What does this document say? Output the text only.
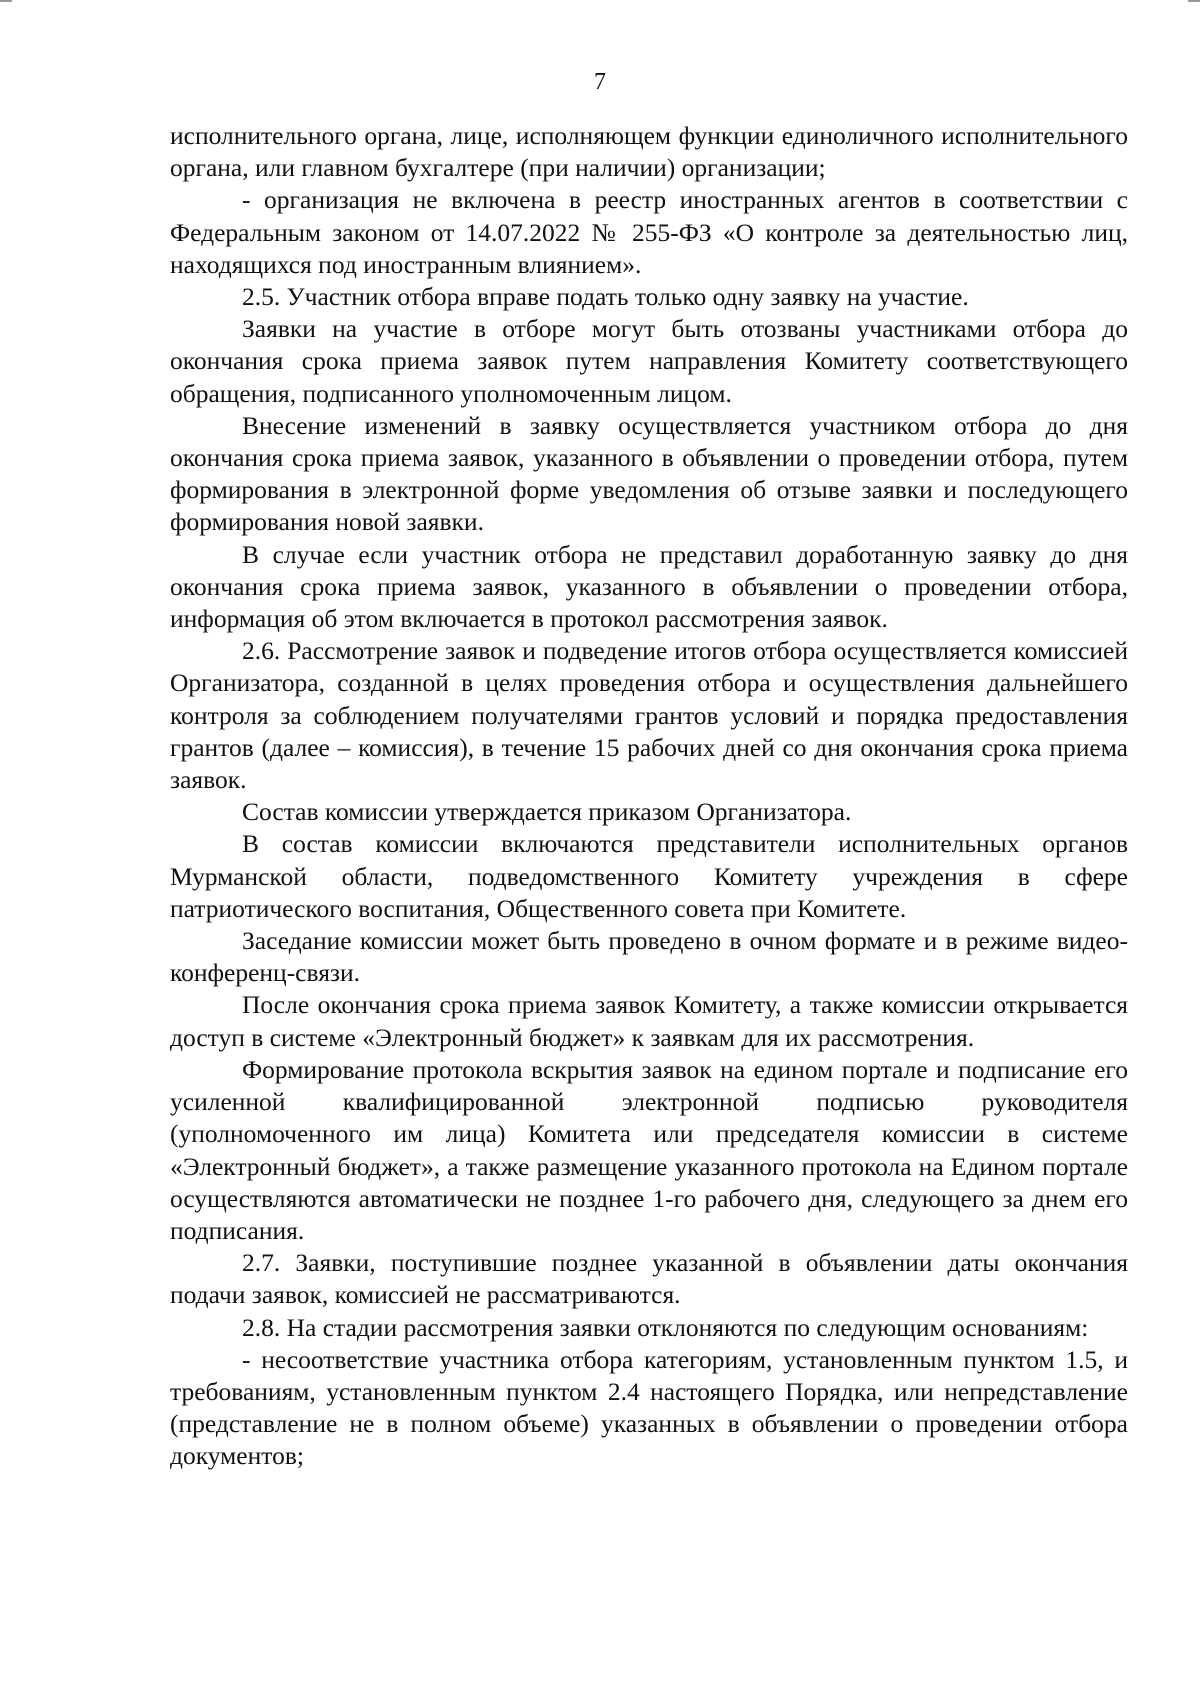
7

исполнительного органа, лице, исполняющем функции единоличного исполнительного органа, или главном бухгалтере (при наличии) организации;

- организация не включена в реестр иностранных агентов в соответствии с Федеральным законом от 14.07.2022 № 255-ФЗ «О контроле за деятельностью лиц, находящихся под иностранным влиянием».

2.5. Участник отбора вправе подать только одну заявку на участие.

Заявки на участие в отборе могут быть отозваны участниками отбора до окончания срока приема заявок путем направления Комитету соответствующего обращения, подписанного уполномоченным лицом.

Внесение изменений в заявку осуществляется участником отбора до дня окончания срока приема заявок, указанного в объявлении о проведении отбора, путем формирования в электронной форме уведомления об отзыве заявки и последующего формирования новой заявки.

В случае если участник отбора не представил доработанную заявку до дня окончания срока приема заявок, указанного в объявлении о проведении отбора, информация об этом включается в протокол рассмотрения заявок.

2.6. Рассмотрение заявок и подведение итогов отбора осуществляется комиссией Организатора, созданной в целях проведения отбора и осуществления дальнейшего контроля за соблюдением получателями грантов условий и порядка предоставления грантов (далее – комиссия), в течение 15 рабочих дней со дня окончания срока приема заявок.

Состав комиссии утверждается приказом Организатора.

В состав комиссии включаются представители исполнительных органов Мурманской области, подведомственного Комитету учреждения в сфере патриотического воспитания, Общественного совета при Комитете.

Заседание комиссии может быть проведено в очном формате и в режиме видео-конференц-связи.

После окончания срока приема заявок Комитету, а также комиссии открывается доступ в системе «Электронный бюджет» к заявкам для их рассмотрения.

Формирование протокола вскрытия заявок на едином портале и подписание его усиленной квалифицированной электронной подписью руководителя (уполномоченного им лица) Комитета или председателя комиссии в системе «Электронный бюджет», а также размещение указанного протокола на Едином портале осуществляются автоматически не позднее 1-го рабочего дня, следующего за днем его подписания.

2.7. Заявки, поступившие позднее указанной в объявлении даты окончания подачи заявок, комиссией не рассматриваются.

2.8. На стадии рассмотрения заявки отклоняются по следующим основаниям:

- несоответствие участника отбора категориям, установленным пунктом 1.5, и требованиям, установленным пунктом 2.4 настоящего Порядка, или непредставление (представление не в полном объеме) указанных в объявлении о проведении отбора документов;
